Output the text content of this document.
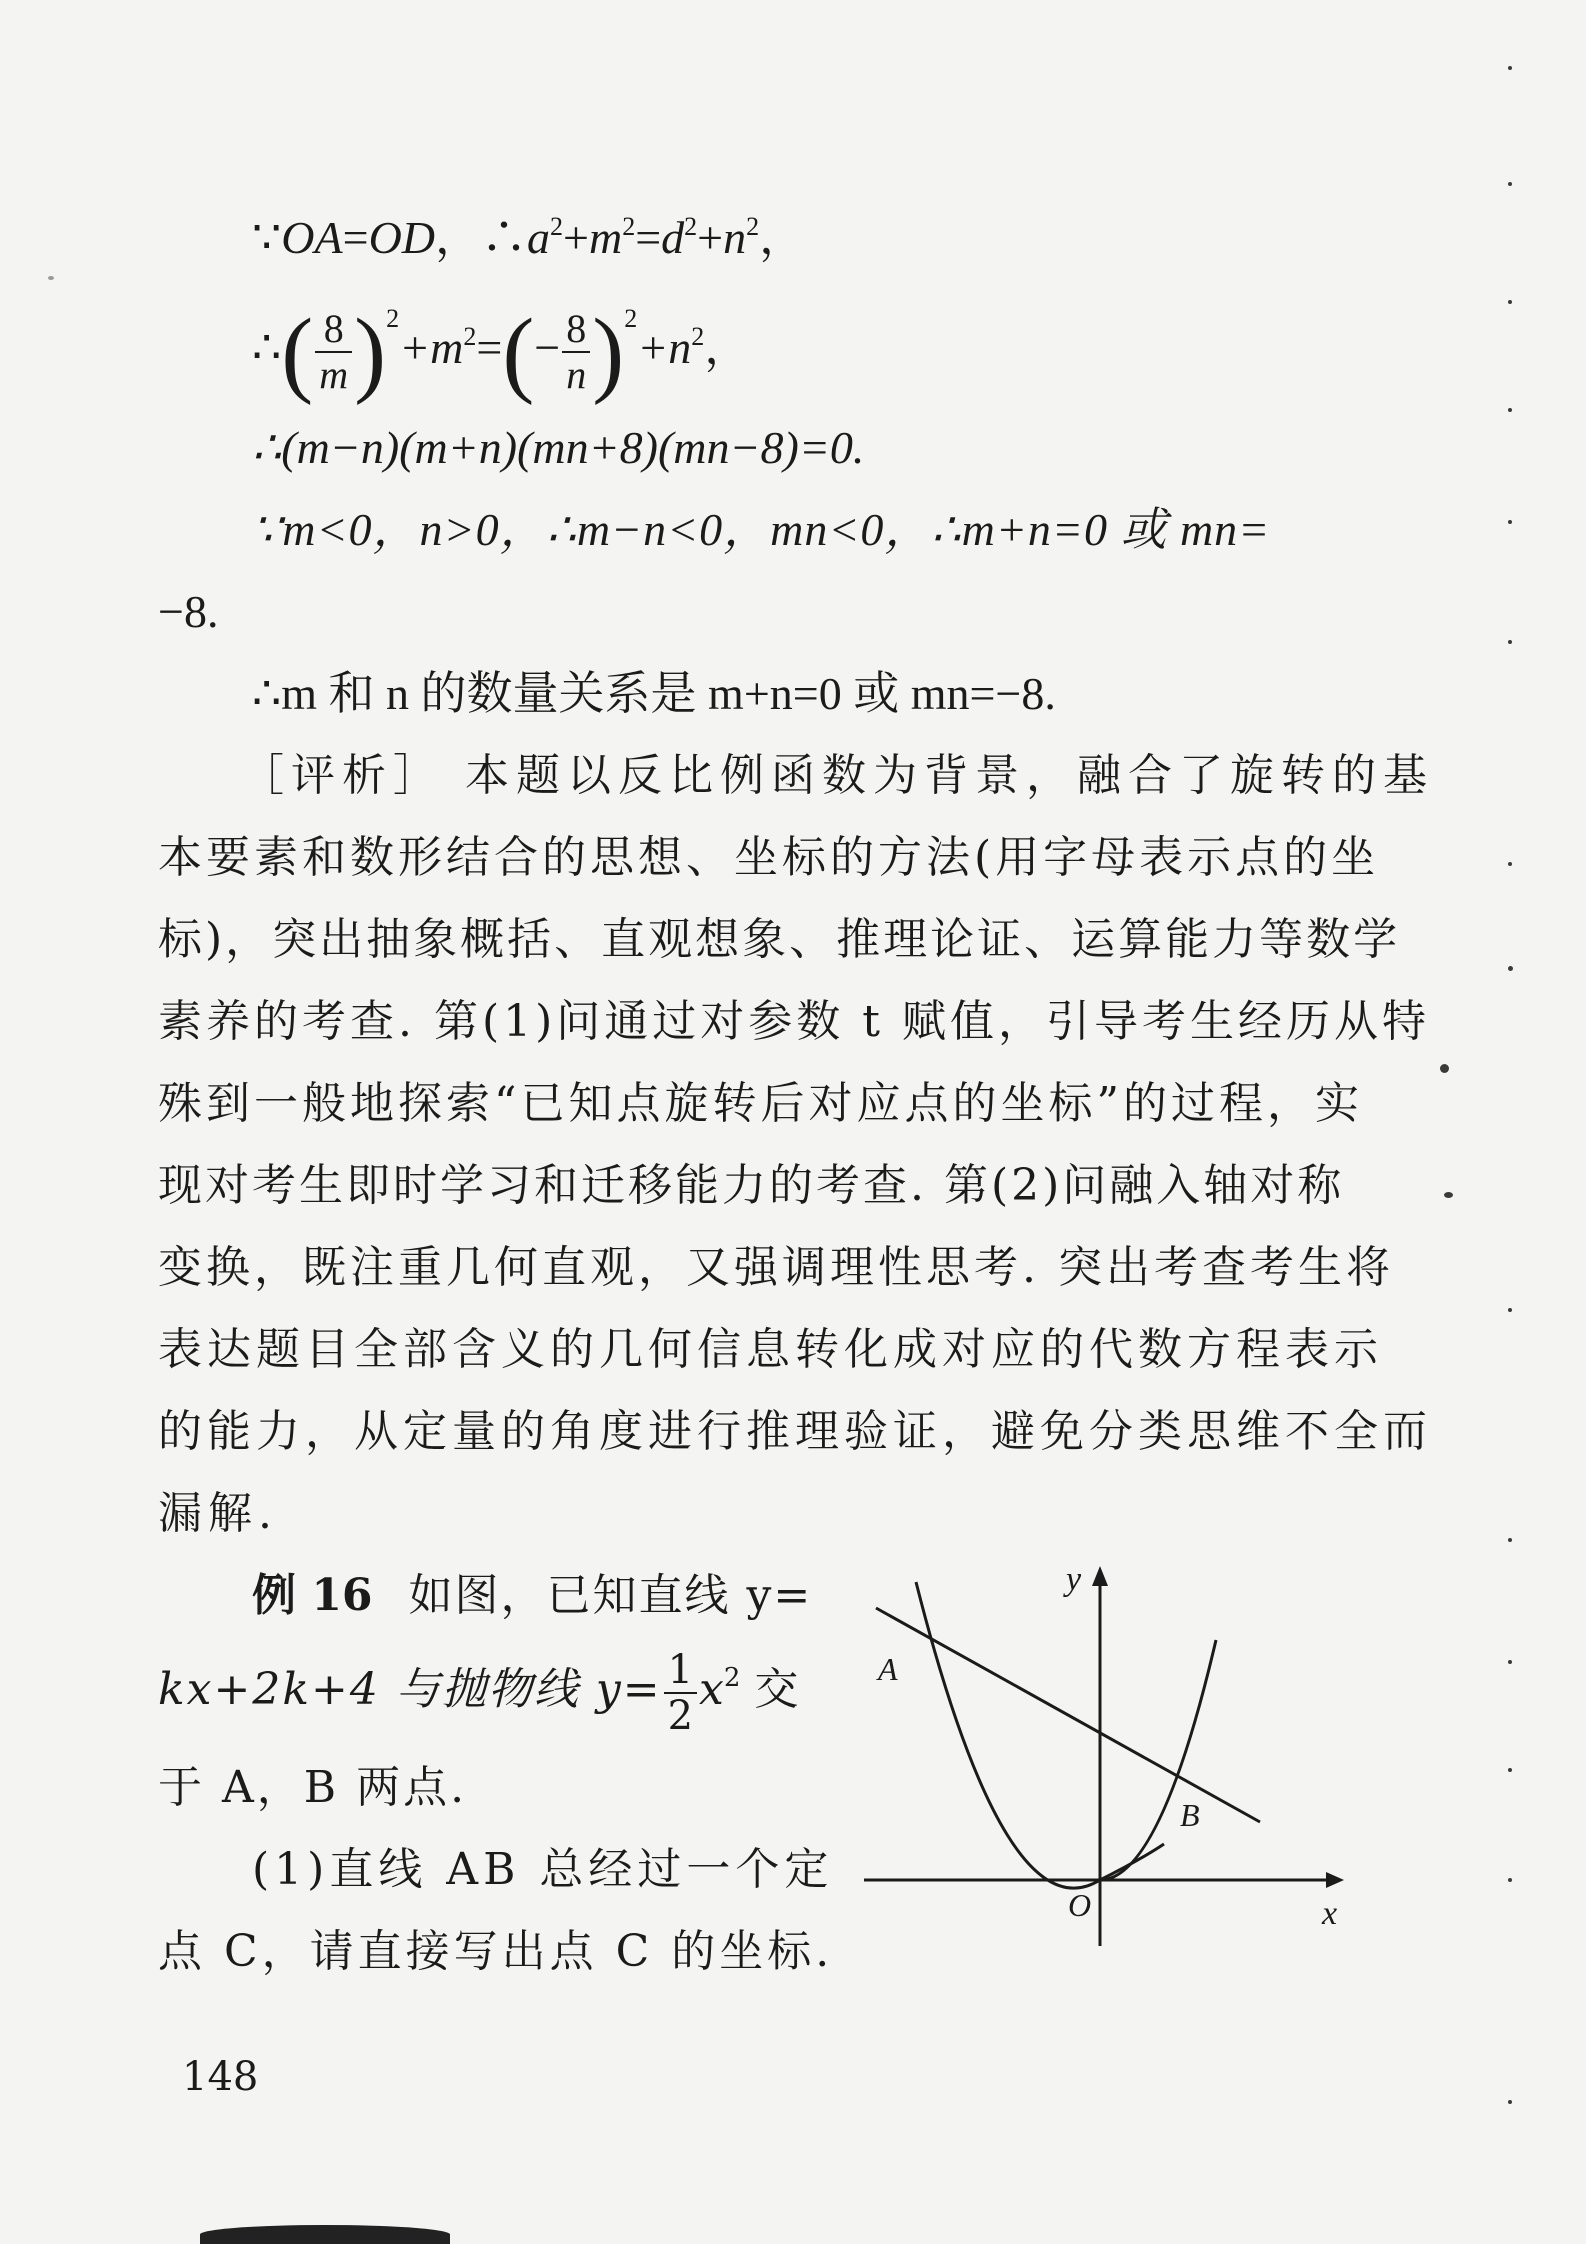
∵OA=OD，$\therefore a^2+m^2=d^2+n^2$，
∴( $\frac{8}{m} )^2+m^2=(- \frac{8}{n} )^2+n^2$，
∴(m−n)(m+n)(mn+8)(mn−8)=0.
∵m<0，n>0，∴m−n<0，mn<0，∴m+n=0 或 mn=
−8.
∴m 和 n 的数量关系是 m+n=0 或 mn=−8.
［评析］ 本题以反比例函数为背景，融合了旋转的基
本要素和数形结合的思想、坐标的方法(用字母表示点的坐
标)，突出抽象概括、直观想象、推理论证、运算能力等数学
素养的考查. 第(1)问通过对参数 t 赋值，引导考生经历从特
殊到一般地探索“已知点旋转后对应点的坐标”的过程，实
现对考生即时学习和迁移能力的考查. 第(2)问融入轴对称
变换，既注重几何直观，又强调理性思考. 突出考查考生将
表达题目全部含义的几何信息转化成对应的代数方程表示
的能力，从定量的角度进行推理验证，避免分类思维不全而
漏解.
例 16 如图，已知直线 y=
kx+2k+4 与抛物线 $y= \frac{1}{2} x^2$ 交
于 A，B 两点.
(1)直线 AB 总经过一个定
点 C，请直接写出点 C 的坐标.
y
x
O
A
B
148
